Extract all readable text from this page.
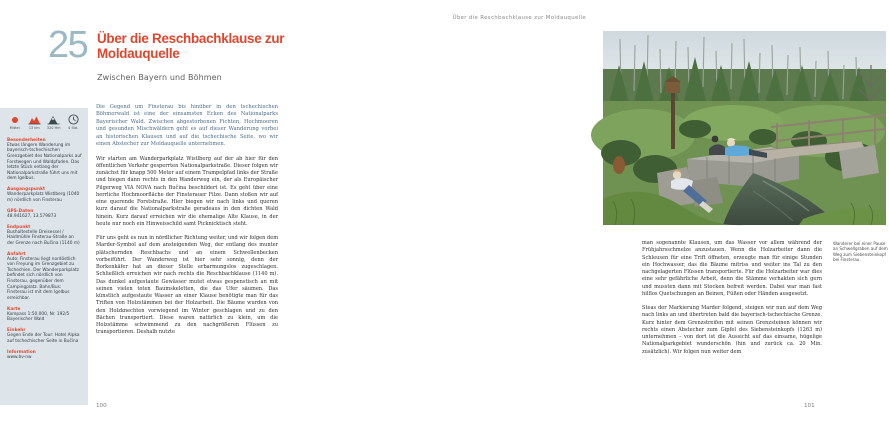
Über die Reschbachklause zur Moldauquelle
25 Über die Reschbachklause zur Moldauquelle
Zwischen Bayern und Böhmen
Mittel	13 km	320 Hm	4 Std.
Besonderheiten
Etwas längere Wanderung im bayerisch-tschechischen Grenzgebiet des Nationalparks auf Forstwegen und Waldpfaden. Das letzte Stück entlang der Nationalparkstraße führt uns mit dem Igelbus.
Ausgangspunkt
Wanderparkplatz Wistlberg (1040 m) nördlich von Finsterau
GPS-Daten
48.941627, 13.579873
Endpunkt
Bushaltestelle Dreisessel / Haidmühle Finsterau-Straße an der Grenze nach Bučina (1140 m)
Anfahrt
Auto: Finsterau liegt nordöstlich von Freyung im Grenzgebiet zu Tschechien. Der Wanderparkplatz befindet sich nördlich von Finsterau, gegenüber dem Campingplatz. Bahn/Bus: Finsterau ist mit dem Igelbus erreichbar.
Karte
Kompass 1:50.000, Nr. 192/5 Bayerischer Wald
Einkehr
Gegen Ende der Tour: Hotel Alpka auf tschechischer Seite in Bučina
Information
www.bv-nw
Die Gegend um Finsterau bis hinüber in den tschechischen Böhmerwald ist eine der einsamsten Ecken des Nationalparks Bayerischer Wald. Zwischen abgestorbenen Fichten, Hochmooren und gesunden Mischwäldern geht es auf dieser Wanderung vorbei an historischen Klausen und auf die tschechische Seite, wo wir einen Abstecher zur Moldauquelle unternehmen.
Wir starten am Wanderparkplatz Wistlberg auf der ab hier für den öffentlichen Verkehr gesperrten Nationalparkstraße. Dieser folgen wir zunächst für knapp 500 Meter auf einem Trampelpfad links der Straße und biegen dann rechts in den Wanderweg ein, der als Europäischer Pilgerweg VIA NOVA nach Bučina beschildert ist. Es geht über eine herrliche Hochmoorfläche der Finsterauer Filze. Dann stoßen wir auf eine querende Forststraße. Hier biegen wir nach links und queren kurz darauf die Nationalparkstraße geradeaus in den dichten Wald hinein. Kurz darauf erreichen wir die ehemalige Alte Klause, in der heute nur noch ein Hinweisschild samt Picknicktisch steht.
Für uns geht es nun in nördlicher Richtung weiter, und wir folgen dem Marder-Symbol auf dem ansteigenden Weg, der entlang des munter plätschernden Reschbachs und an einem Schwellenbecken vorbeiführt. Der Wanderweg ist hier sehr sonnig, denn der Borkenkäfer hat an dieser Stelle erbarmungslos zugeschlagen. Schließlich erreichen wir nach rechts die Reschbachklause (1140 m). Das dunkel aufgestaute Gewässer mutet etwas gespenstisch an mit seinen vielen toten Baumskeletten, die das Ufer säumen. Das künstlich aufgestaute Wasser an einer Klause benötigte man für das Triften von Holzstämmen bei der Holzarbeit. Die Bäume wurden von den Holzknechten vorwiegend im Winter geschlagen und zu den Bächen transportiert. Diese waren natürlich zu klein, um die Holzstämme schwimmend zu den nachgrößeren Flüssen zu transportieren. Deshalb nutzte
100
man sogenannte Klausen, um das Wasser vor allem während der Frühjahrsschmelze anzustauen. Wenn die Holzarbeiter dann die Schleusen für eine Trift öffneten, erzeugte man für einige Stunden ein Hochwasser, das die Bäume mitriss und weiter ins Tal zu den nachgelagerten Flüssen transportierte. Für die Holzarbeiter war dies eine sehr gefährliche Arbeit, denn die Stämme verhakten sich gern und mussten dann mit Stocken befreit werden. Dabei war man fast hilflos Quetschungen an Beinen, Füßen oder Händen ausgesetzt.
Steas der Markierung Marder folgend, steigen wir nun auf dem Weg nach links an und übertreten bald die bayerisch-tschechische Grenze. Kurz hinter dem Grenzstreifen mit seinen Grenzsteinen können wir rechts einen Abstecher zum Gipfel des Siebensteinkopfs (1263 m) unternehmen – von dort ist die Aussicht auf das einsame, hügelige Nationalparkgebiet wunderschön (hin und zurück ca. 20 Min. zusätzlich). Wir folgen nun weiter dem
Wanderer bei einer Pause an Schwellgraben auf dem Weg zum Siebensteinkopf bei Finsterau.
101
